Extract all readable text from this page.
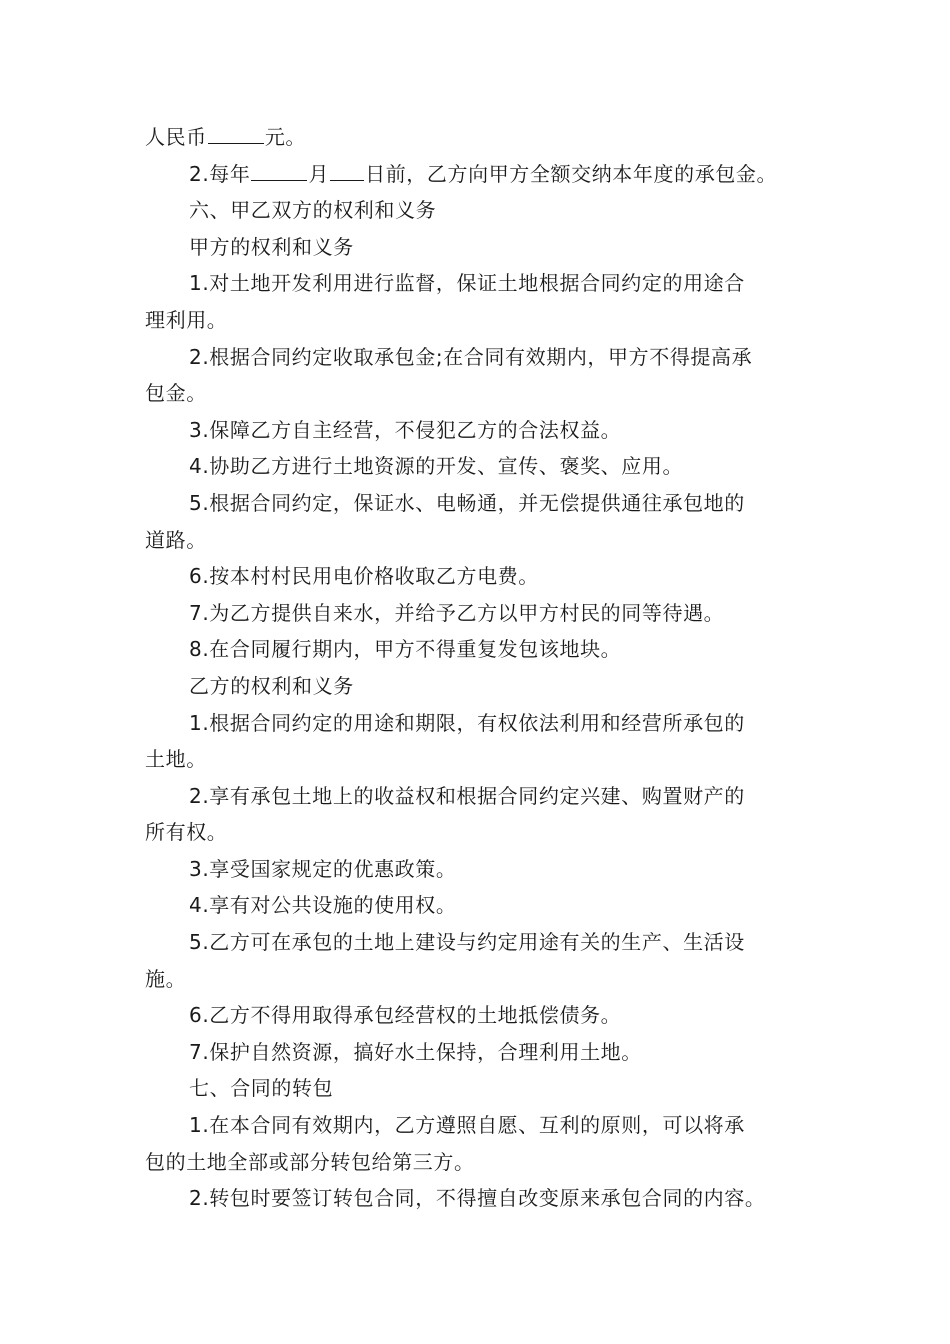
人民币	元。
2.每年	月 日前，乙方向甲方全额交纳本年度的承包金。
六、甲乙双方的权利和义务
甲方的权利和义务
1.对土地开发利用进行监督，保证土地根据合同约定的用途合
理利用。
2.根据合同约定收取承包金;在合同有效期内，甲方不得提高承
包金。
3.保障乙方自主经营，不侵犯乙方的合法权益。
4.协助乙方进行土地资源的开发、宣传、褒奖、应用。
5.根据合同约定，保证水、电畅通，并无偿提供通往承包地的
道路。
6.按本村村民用电价格收取乙方电费。
7.为乙方提供自来水，并给予乙方以甲方村民的同等待遇。
8.在合同履行期内，甲方不得重复发包该地块。
乙方的权利和义务
1.根据合同约定的用途和期限，有权依法利用和经营所承包的
土地。
2.享有承包土地上的收益权和根据合同约定兴建、购置财产的
所有权。
3.享受国家规定的优惠政策。
4.享有对公共设施的使用权。
5.乙方可在承包的土地上建设与约定用途有关的生产、生活设
施。
6.乙方不得用取得承包经营权的土地抵偿债务。
7.保护自然资源，搞好水土保持，合理利用土地。
七、合同的转包
1.在本合同有效期内，乙方遵照自愿、互利的原则，可以将承
包的土地全部或部分转包给第三方。
2.转包时要签订转包合同，不得擅自改变原来承包合同的内容。
